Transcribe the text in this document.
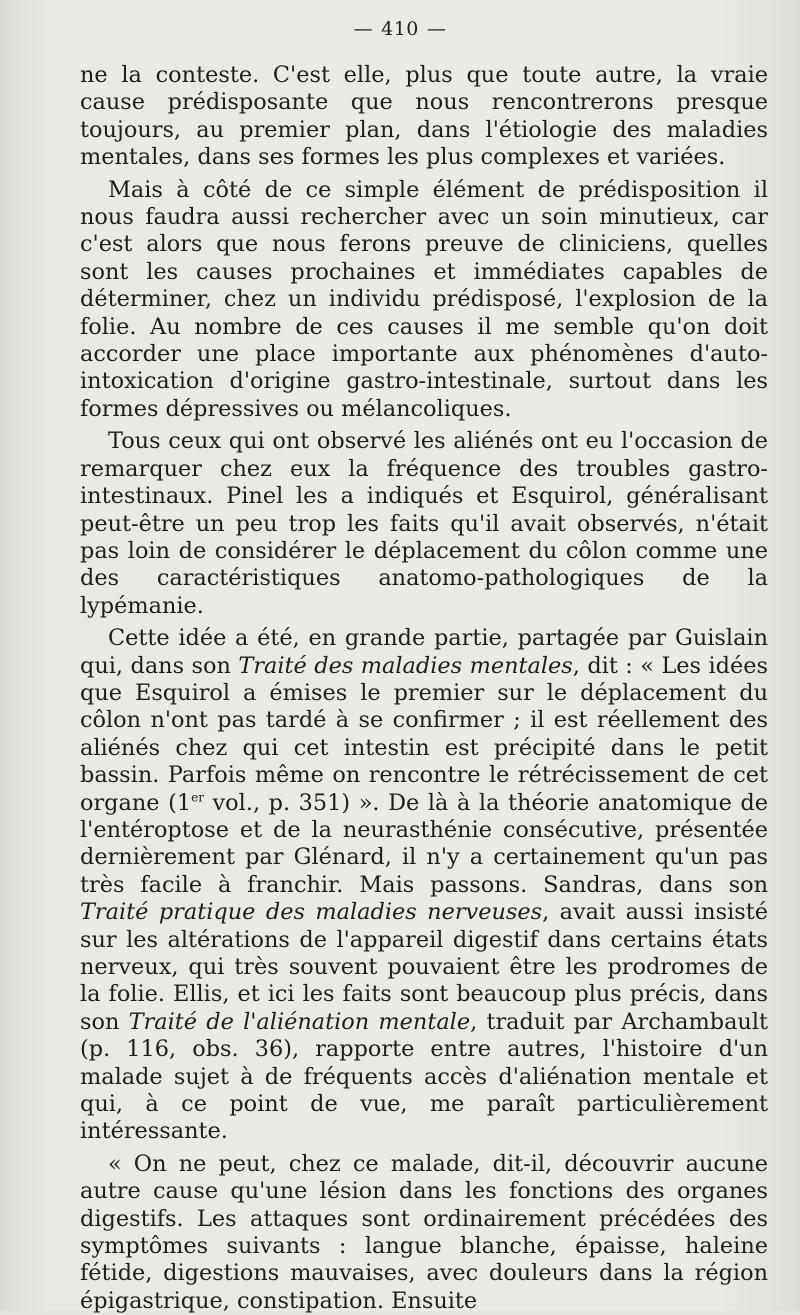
— 410 —

ne la conteste. C'est elle, plus que toute autre, la vraie cause prédisposante que nous rencontrerons presque toujours, au premier plan, dans l'étiologie des maladies mentales, dans ses formes les plus complexes et variées.

Mais à côté de ce simple élément de prédisposition il nous faudra aussi rechercher avec un soin minutieux, car c'est alors que nous ferons preuve de cliniciens, quelles sont les causes prochaines et immédiates capables de déterminer, chez un individu prédisposé, l'explosion de la folie. Au nombre de ces causes il me semble qu'on doit accorder une place importante aux phénomènes d'auto-intoxication d'origine gastro-intestinale, surtout dans les formes dépressives ou mélancoliques.

Tous ceux qui ont observé les aliénés ont eu l'occasion de remarquer chez eux la fréquence des troubles gastro-intestinaux. Pinel les a indiqués et Esquirol, généralisant peut-être un peu trop les faits qu'il avait observés, n'était pas loin de considérer le déplacement du côlon comme une des caractéristiques anatomo-pathologiques de la lypémanie.

Cette idée a été, en grande partie, partagée par Guislain qui, dans son Traité des maladies mentales, dit : « Les idées que Esquirol a émises le premier sur le déplacement du côlon n'ont pas tardé à se confirmer ; il est réellement des aliénés chez qui cet intestin est précipité dans le petit bassin. Parfois même on rencontre le rétrécissement de cet organe (1er vol., p. 351) ». De là à la théorie anatomique de l'entéroptose et de la neurasthénie consécutive, présentée dernièrement par Glénard, il n'y a certainement qu'un pas très facile à franchir. Mais passons. Sandras, dans son Traité pratique des maladies nerveuses, avait aussi insisté sur les altérations de l'appareil digestif dans certains états nerveux, qui très souvent pouvaient être les prodromes de la folie. Ellis, et ici les faits sont beaucoup plus précis, dans son Traité de l'aliénation mentale, traduit par Archambault (p. 116, obs. 36), rapporte entre autres, l'histoire d'un malade sujet à de fréquents accès d'aliénation mentale et qui, à ce point de vue, me paraît particulièrement intéressante.

« On ne peut, chez ce malade, dit-il, découvrir aucune autre cause qu'une lésion dans les fonctions des organes digestifs. Les attaques sont ordinairement précédées des symptômes suivants : langue blanche, épaisse, haleine fétide, digestions mauvaises, avec douleurs dans la région épigastrique, constipation. Ensuite
